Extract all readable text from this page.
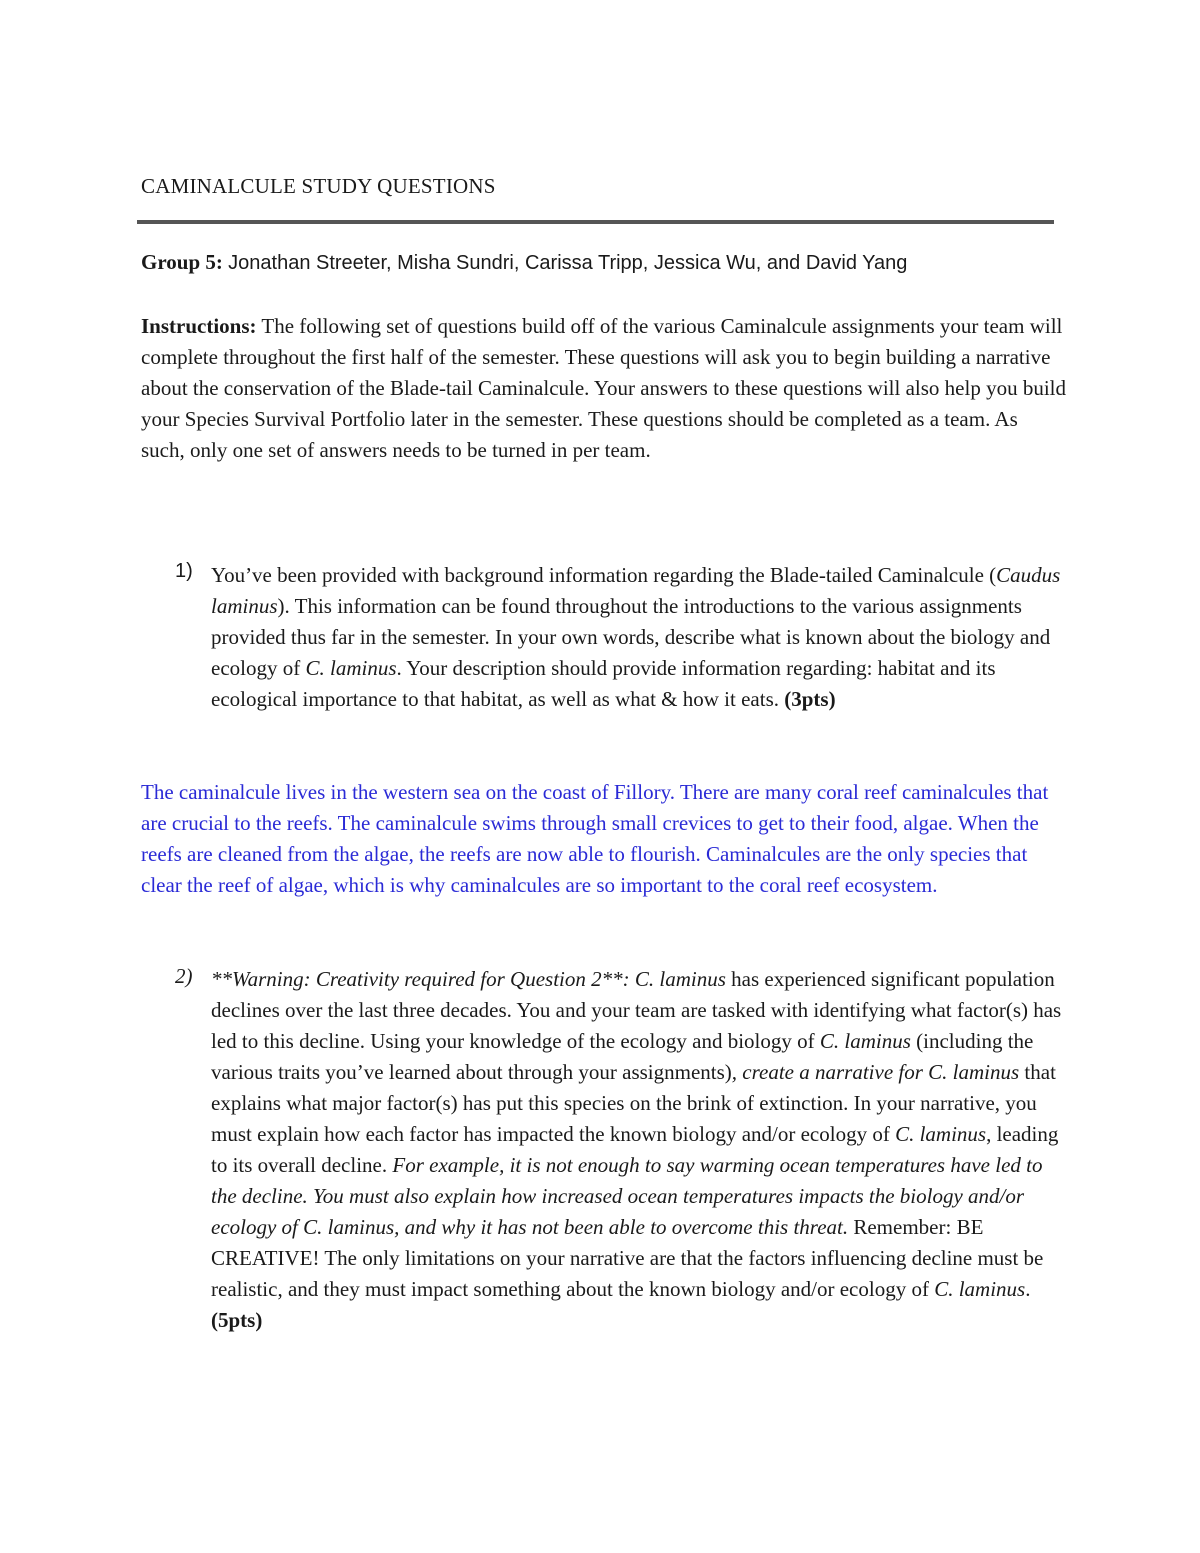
CAMINALCULE STUDY QUESTIONS
Group 5: Jonathan Streeter, Misha Sundri, Carissa Tripp, Jessica Wu, and David Yang
Instructions: The following set of questions build off of the various Caminalcule assignments your team will complete throughout the first half of the semester. These questions will ask you to begin building a narrative about the conservation of the Blade-tail Caminalcule. Your answers to these questions will also help you build your Species Survival Portfolio later in the semester. These questions should be completed as a team. As such, only one set of answers needs to be turned in per team.
1) You’ve been provided with background information regarding the Blade-tailed Caminalcule (Caudus laminus). This information can be found throughout the introductions to the various assignments provided thus far in the semester. In your own words, describe what is known about the biology and ecology of C. laminus. Your description should provide information regarding: habitat and its ecological importance to that habitat, as well as what & how it eats. (3pts)
The caminalcule lives in the western sea on the coast of Fillory. There are many coral reef caminalcules that are crucial to the reefs. The caminalcule swims through small crevices to get to their food, algae. When the reefs are cleaned from the algae, the reefs are now able to flourish. Caminalcules are the only species that clear the reef of algae, which is why caminalcules are so important to the coral reef ecosystem.
2) **Warning: Creativity required for Question 2**: C. laminus has experienced significant population declines over the last three decades. You and your team are tasked with identifying what factor(s) has led to this decline. Using your knowledge of the ecology and biology of C. laminus (including the various traits you’ve learned about through your assignments), create a narrative for C. laminus that explains what major factor(s) has put this species on the brink of extinction. In your narrative, you must explain how each factor has impacted the known biology and/or ecology of C. laminus, leading to its overall decline. For example, it is not enough to say warming ocean temperatures have led to the decline. You must also explain how increased ocean temperatures impacts the biology and/or ecology of C. laminus, and why it has not been able to overcome this threat. Remember: BE CREATIVE! The only limitations on your narrative are that the factors influencing decline must be realistic, and they must impact something about the known biology and/or ecology of C. laminus. (5pts)
